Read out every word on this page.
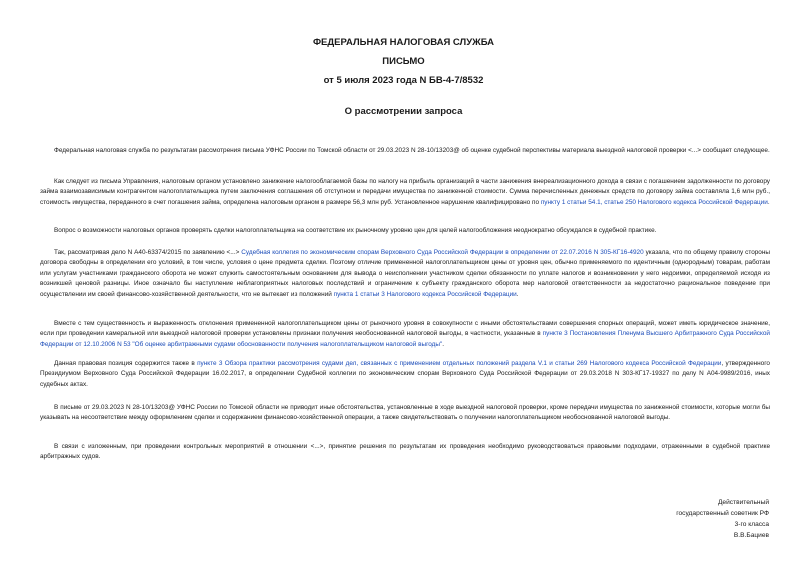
ФЕДЕРАЛЬНАЯ НАЛОГОВАЯ СЛУЖБА
ПИСЬМО
от 5 июля 2023 года N БВ-4-7/8532
О рассмотрении запроса

Федеральная налоговая служба по результатам рассмотрения письма УФНС России по Томской области от 29.03.2023 N 28-10/13203@ об оценке судебной перспективы материала выездной налоговой проверки <...> сообщает следующее.

Как следует из письма Управления, налоговым органом установлено занижение налогооблагаемой базы по налогу на прибыль организаций в части занижения внереализационного дохода в связи с погашением задолженности по договору займа взаимозависимым контрагентом налогоплательщика путем заключения соглашения об отступном и передачи имущества по заниженной стоимости. Сумма перечисленных денежных средств по договору займа составляла 1,6 млн руб., стоимость имущества, переданного в счет погашения займа, определена налоговым органом в размере 56,3 млн руб. Установленное нарушение квалифицировано по пункту 1 статьи 54.1, статье 250 Налогового кодекса Российской Федерации.

Вопрос о возможности налоговых органов проверять сделки налогоплательщика на соответствие их рыночному уровню цен для целей налогообложения неоднократно обсуждался в судебной практике.

Так, рассматривая дело N А40-63374/2015 по заявлению <...> Судебная коллегия по экономическим спорам Верховного Суда Российской Федерации в определении от 22.07.2016 N 305-КГ16-4920 указала, что по общему правилу стороны договора свободны в определении его условий, в том числе, условия о цене предмета сделки. Поэтому отличие примененной налогоплательщиком цены от уровня цен, обычно применяемого по идентичным (однородным) товарам, работам или услугам участниками гражданского оборота не может служить самостоятельным основанием для вывода о неисполнении участником сделки обязанности по уплате налогов и возникновении у него недоимки, определяемой исходя из возникшей ценовой разницы. Иное означало бы наступление неблагоприятных налоговых последствий и ограничение к субъекту гражданского оборота мер налоговой ответственности за недостаточно рациональное поведение при осуществлении им своей финансово-хозяйственной деятельности, что не вытекает из положений пункта 1 статьи 3 Налогового кодекса Российской Федерации.

Вместе с тем существенность и выраженность отклонения примененной налогоплательщиком цены от рыночного уровня в совокупности с иными обстоятельствами совершения спорных операций, может иметь юридическое значение, если при проведении камеральной или выездной налоговой проверки установлены признаки получения необоснованной налоговой выгоды, в частности, указанные в пункте 3 Постановления Пленума Высшего Арбитражного Суда Российской Федерации от 12.10.2006 N 53 "Об оценке арбитражными судами обоснованности получения налогоплательщиком налоговой выгоды".

Данная правовая позиция содержится также в пункте 3 Обзора практики рассмотрения судами дел, связанных с применением отдельных положений раздела V.1 и статьи 269 Налогового кодекса Российской Федерации, утвержденного Президиумом Верховного Суда Российской Федерации 16.02.2017, в определении Судебной коллегии по экономическим спорам Верховного Суда Российской Федерации от 29.03.2018 N 303-КГ17-19327 по делу N А04-9989/2016, иных судебных актах.

В письме от 29.03.2023 N 28-10/13203@ УФНС России по Томской области не приводит иные обстоятельства, установленные в ходе выездной налоговой проверки, кроме передачи имущества по заниженной стоимости, которые могли бы указывать на несоответствие между оформлением сделки и содержанием финансово-хозяйственной операции, а также свидетельствовать о получении налогоплательщиком необоснованной налоговой выгоды.

В связи с изложенным, при проведении контрольных мероприятий в отношении <...>, принятие решения по результатам их проведения необходимо руководствоваться правовыми подходами, отраженными в судебной практике арбитражных судов.

Действительный
государственный советник РФ
3-го класса
В.В.Бациев
